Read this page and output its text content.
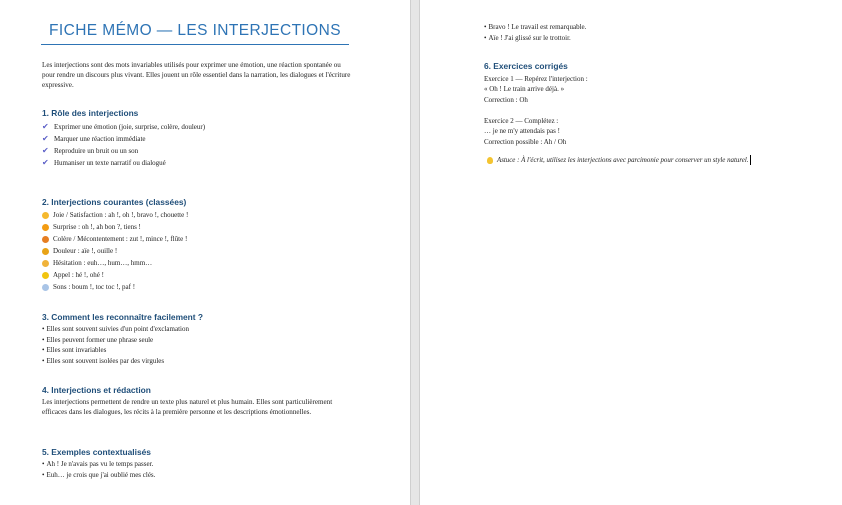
FICHE MÉMO — LES INTERJECTIONS
Les interjections sont des mots invariables utilisés pour exprimer une émotion, une réaction spontanée ou pour rendre un discours plus vivant. Elles jouent un rôle essentiel dans la narration, les dialogues et l'écriture expressive.
1. Rôle des interjections
✔ Exprimer une émotion (joie, surprise, colère, douleur)
✔ Marquer une réaction immédiate
✔ Reproduire un bruit ou un son
✔ Humaniser un texte narratif ou dialogué
2. Interjections courantes (classées)
Joie / Satisfaction : ah !, oh !, bravo !, chouette !
Surprise : oh !, ah bon ?, tiens !
Colère / Mécontentement : zut !, mince !, flûte !
Douleur : aïe !, ouille !
Hésitation : euh…, hum…, hmm…
Appel : hé !, ohé !
Sons : boum !, toc toc !, paf !
3. Comment les reconnaître facilement ?
• Elles sont souvent suivies d'un point d'exclamation
• Elles peuvent former une phrase seule
• Elles sont invariables
• Elles sont souvent isolées par des virgules
4. Interjections et rédaction
Les interjections permettent de rendre un texte plus naturel et plus humain. Elles sont particulièrement efficaces dans les dialogues, les récits à la première personne et les descriptions émotionnelles.
5. Exemples contextualisés
• Ah ! Je n'avais pas vu le temps passer.
• Euh… je crois que j'ai oublié mes clés.
• Bravo ! Le travail est remarquable.
• Aïe ! J'ai glissé sur le trottoir.
6. Exercices corrigés
Exercice 1 — Repérez l'interjection :
« Oh ! Le train arrive déjà. »
Correction : Oh
Exercice 2 — Complétez :
… je ne m'y attendais pas !
Correction possible : Ah / Oh
Astuce : À l'écrit, utilisez les interjections avec parcimonie pour conserver un style naturel.
